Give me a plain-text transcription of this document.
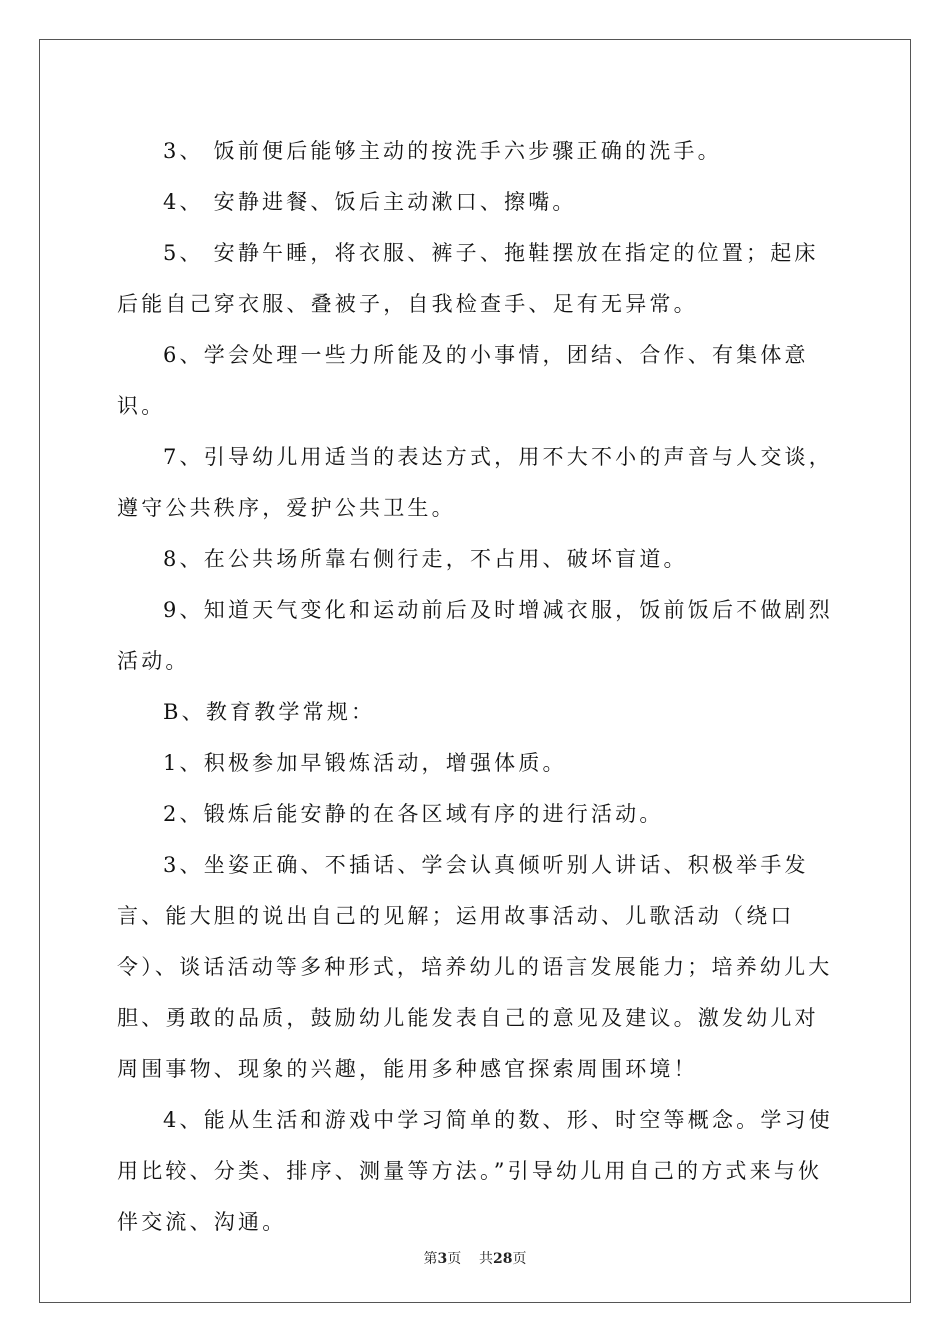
3、 饭前便后能够主动的按洗手六步骤正确的洗手。

4、 安静进餐、饭后主动漱口、擦嘴。

5、 安静午睡，将衣服、裤子、拖鞋摆放在指定的位置；起床后能自己穿衣服、叠被子，自我检查手、足有无异常。

6、学会处理一些力所能及的小事情，团结、合作、有集体意识。

7、引导幼儿用适当的表达方式，用不大不小的声音与人交谈，遵守公共秩序，爱护公共卫生。

8、在公共场所靠右侧行走，不占用、破坏盲道。

9、知道天气变化和运动前后及时增减衣服，饭前饭后不做剧烈活动。

B、教育教学常规：

1、积极参加早锻炼活动，增强体质。

2、锻炼后能安静的在各区域有序的进行活动。

3、坐姿正确、不插话、学会认真倾听别人讲话、积极举手发言、能大胆的说出自己的见解；运用故事活动、儿歌活动（绕口令）、谈话活动等多种形式，培养幼儿的语言发展能力；培养幼儿大胆、勇敢的品质，鼓励幼儿能发表自己的意见及建议。激发幼儿对周围事物、现象的兴趣，能用多种感官探索周围环境！

4、能从生活和游戏中学习简单的数、形、时空等概念。学习使用比较、分类、排序、测量等方法。”引导幼儿用自己的方式来与伙伴交流、沟通。

第3页 共28页
